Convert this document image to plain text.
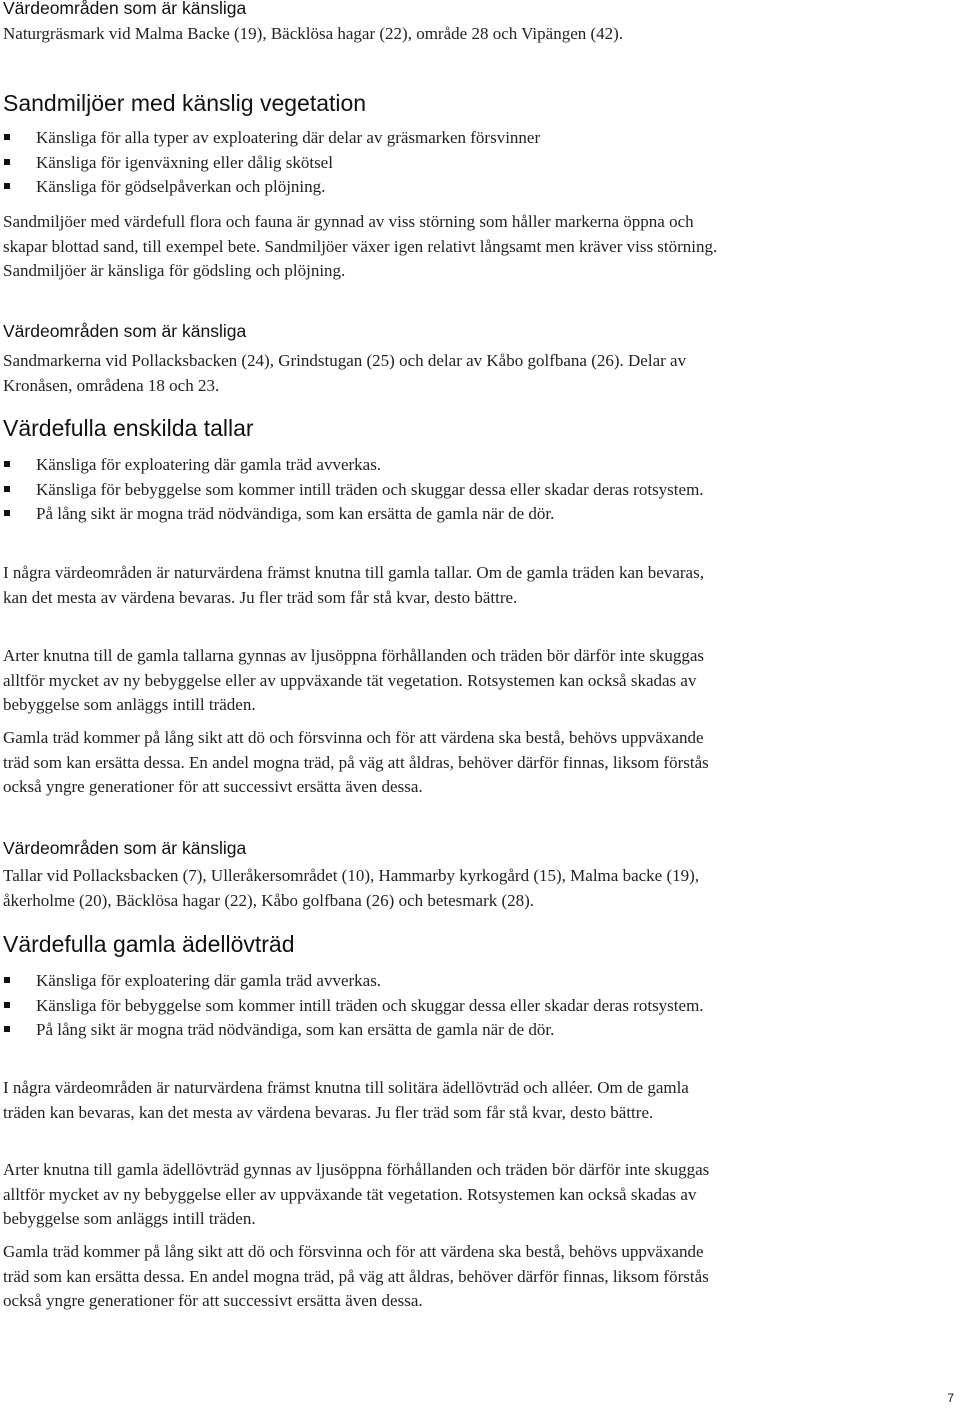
Värdeområden som är känsliga

Naturgräsmark vid Malma Backe (19), Bäcklösa hagar (22), område 28 och Vipängen (42).

Sandmiljöer med känslig vegetation
Känsliga för alla typer av exploatering där delar av gräsmarken försvinner
Känsliga för igenväxning eller dålig skötsel
Känsliga för gödselpåverkan och plöjning.

Sandmiljöer med värdefull flora och fauna är gynnad av viss störning som håller markerna öppna och skapar blottad sand, till exempel bete. Sandmiljöer växer igen relativt långsamt men kräver viss störning. Sandmiljöer är känsliga för gödsling och plöjning.

Värdeområden som är känsliga

Sandmarkerna vid Pollacksbacken (24), Grindstugan (25) och delar av Kåbo golfbana (26). Delar av Kronåsen, områdena 18 och 23.

Värdefulla enskilda tallar
Känsliga för exploatering där gamla träd avverkas.
Känsliga för bebyggelse som kommer intill träden och skuggar dessa eller skadar deras rotsystem.
På lång sikt är mogna träd nödvändiga, som kan ersätta de gamla när de dör.

I några värdeområden är naturvärdena främst knutna till gamla tallar. Om de gamla träden kan bevaras, kan det mesta av värdena bevaras. Ju fler träd som får stå kvar, desto bättre.

Arter knutna till de gamla tallarna gynnas av ljusöppna förhållanden och träden bör därför inte skuggas alltför mycket av ny bebyggelse eller av uppväxande tät vegetation. Rotsystemen kan också skadas av bebyggelse som anläggs intill träden.

Gamla träd kommer på lång sikt att dö och försvinna och för att värdena ska bestå, behövs uppväxande träd som kan ersätta dessa. En andel mogna träd, på väg att åldras, behöver därför finnas, liksom förstås också yngre generationer för att successivt ersätta även dessa.

Värdeområden som är känsliga

Tallar vid Pollacksbacken (7), Ulleråkersområdet (10), Hammarby kyrkogård (15), Malma backe (19), åkerholme (20), Bäcklösa hagar (22), Kåbo golfbana (26) och betesmark (28).

Värdefulla gamla ädellövträd
Känsliga för exploatering där gamla träd avverkas.
Känsliga för bebyggelse som kommer intill träden och skuggar dessa eller skadar deras rotsystem.
På lång sikt är mogna träd nödvändiga, som kan ersätta de gamla när de dör.

I några värdeområden är naturvärdena främst knutna till solitära ädellövträd och alléer. Om de gamla träden kan bevaras, kan det mesta av värdena bevaras. Ju fler träd som får stå kvar, desto bättre.

Arter knutna till gamla ädellövträd gynnas av ljusöppna förhållanden och träden bör därför inte skuggas alltför mycket av ny bebyggelse eller av uppväxande tät vegetation. Rotsystemen kan också skadas av bebyggelse som anläggs intill träden.

Gamla träd kommer på lång sikt att dö och försvinna och för att värdena ska bestå, behövs uppväxande träd som kan ersätta dessa. En andel mogna träd, på väg att åldras, behöver därför finnas, liksom förstås också yngre generationer för att successivt ersätta även dessa.

7
